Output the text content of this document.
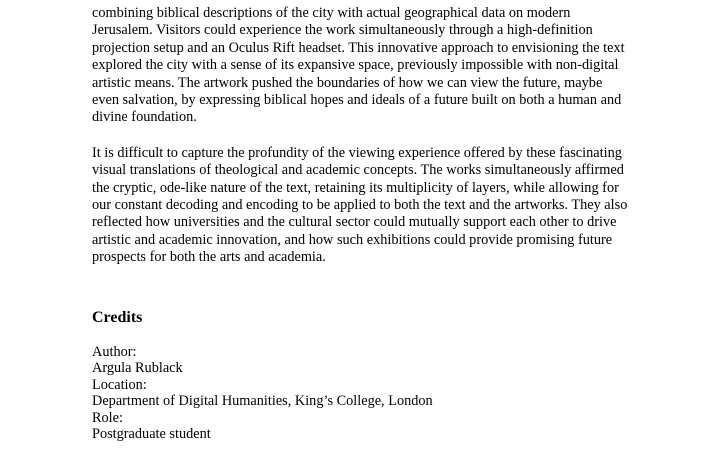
combining biblical descriptions of the city with actual geographical data on modern
Jerusalem. Visitors could experience the work simultaneously through a high-definition
projection setup and an Oculus Rift headset. This innovative approach to envisioning the text
explored the city with a sense of its expansive space, previously impossible with non-digital
artistic means. The artwork pushed the boundaries of how we can view the future, maybe
even salvation, by expressing biblical hopes and ideals of a future built on both a human and
divine foundation.
It is difficult to capture the profundity of the viewing experience offered by these fascinating
visual translations of theological and academic concepts. The works simultaneously affirmed
the cryptic, ode-like nature of the text, retaining its multiplicity of layers, while allowing for
our constant decoding and encoding to be applied to both the text and the artworks. They also
reflected how universities and the cultural sector could mutually support each other to drive
artistic and academic innovation, and how such exhibitions could provide promising future
prospects for both the arts and academia.
Credits
Author:
Argula Rublack
Location:
Department of Digital Humanities, King’s College, London
Role:
Postgraduate student
